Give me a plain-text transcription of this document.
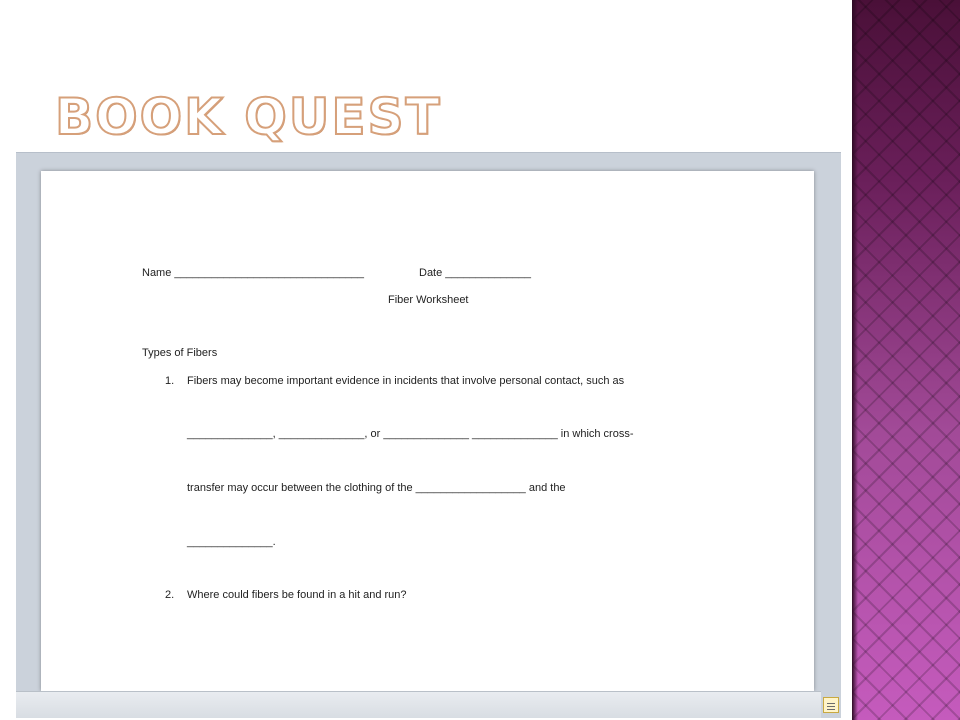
BOOK QUEST
Name _______________________________	Date ______________
Fiber Worksheet
Types of Fibers
1. Fibers may become important evidence in incidents that involve personal contact, such as
______________, ______________, or ______________ ______________ in which cross-
transfer may occur between the clothing of the __________________ and the
______________.
2. Where could fibers be found in a hit and run?
